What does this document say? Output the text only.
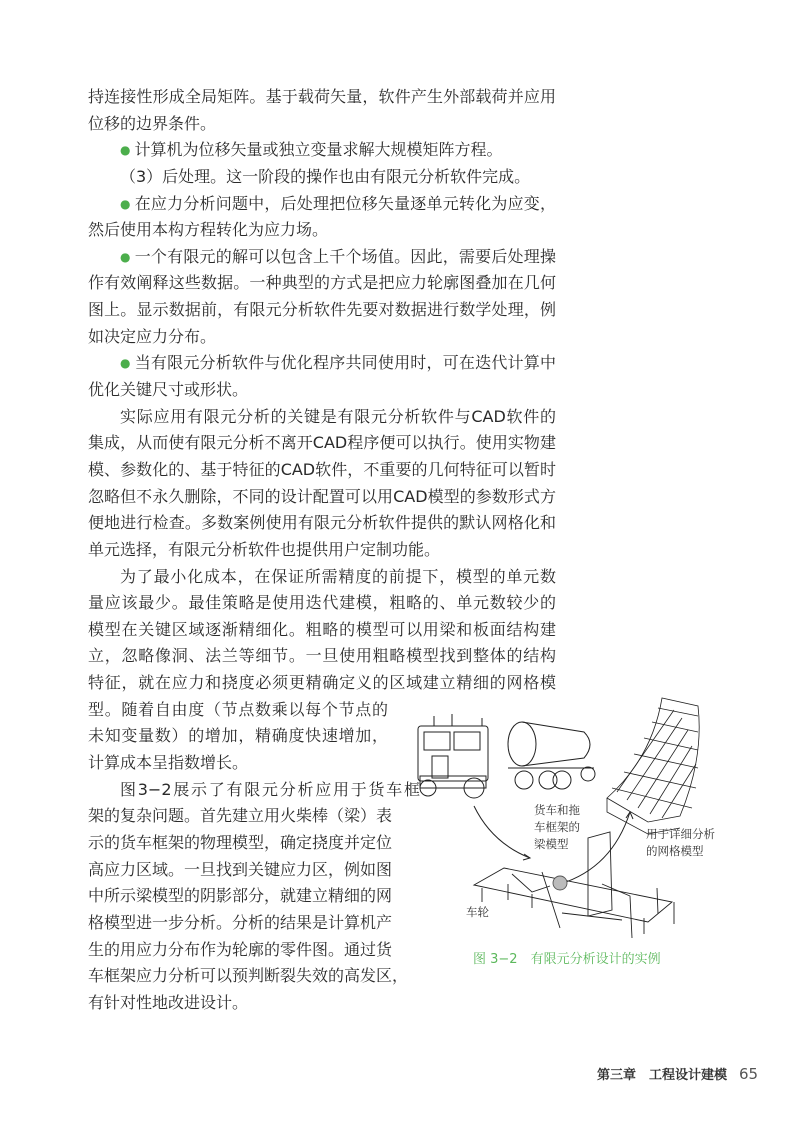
持连接性形成全局矩阵。基于载荷矢量，软件产生外部载荷并应用
位移的边界条件。
● 计算机为位移矢量或独立变量求解大规模矩阵方程。
（3）后处理。这一阶段的操作也由有限元分析软件完成。
● 在应力分析问题中，后处理把位移矢量逐单元转化为应变，
然后使用本构方程转化为应力场。
● 一个有限元的解可以包含上千个场值。因此，需要后处理操
作有效阐释这些数据。一种典型的方式是把应力轮廓图叠加在几何
图上。显示数据前，有限元分析软件先要对数据进行数学处理，例
如决定应力分布。
● 当有限元分析软件与优化程序共同使用时，可在迭代计算中
优化关键尺寸或形状。
实际应用有限元分析的关键是有限元分析软件与CAD软件的
集成，从而使有限元分析不离开CAD程序便可以执行。使用实物建
模、参数化的、基于特征的CAD软件，不重要的几何特征可以暂时
忽略但不永久删除，不同的设计配置可以用CAD模型的参数形式方
便地进行检查。多数案例使用有限元分析软件提供的默认网格化和
单元选择，有限元分析软件也提供用户定制功能。
为了最小化成本，在保证所需精度的前提下，模型的单元数
量应该最少。最佳策略是使用迭代建模，粗略的、单元数较少的
模型在关键区域逐渐精细化。粗略的模型可以用梁和板面结构建
立，忽略像洞、法兰等细节。一旦使用粗略模型找到整体的结构
特征，就在应力和挠度必须更精确定义的区域建立精细的网格模
型。随着自由度（节点数乘以每个节点的
未知变量数）的增加，精确度快速增加，
计算成本呈指数增长。
图3−2展示了有限元分析应用于货车框
架的复杂问题。首先建立用火柴棒（梁）表
示的货车框架的物理模型，确定挠度并定位
高应力区域。一旦找到关键应力区，例如图
中所示梁模型的阴影部分，就建立精细的网
格模型进一步分析。分析的结果是计算机产
生的用应力分布作为轮廓的零件图。通过货
车框架应力分析可以预判断裂失效的高发区，
有针对性地改进设计。
货车和拖
车框架的
梁模型
用于详细分析
的网格模型
车轮
图 3−2　有限元分析设计的实例
第三章　工程设计建模 65
